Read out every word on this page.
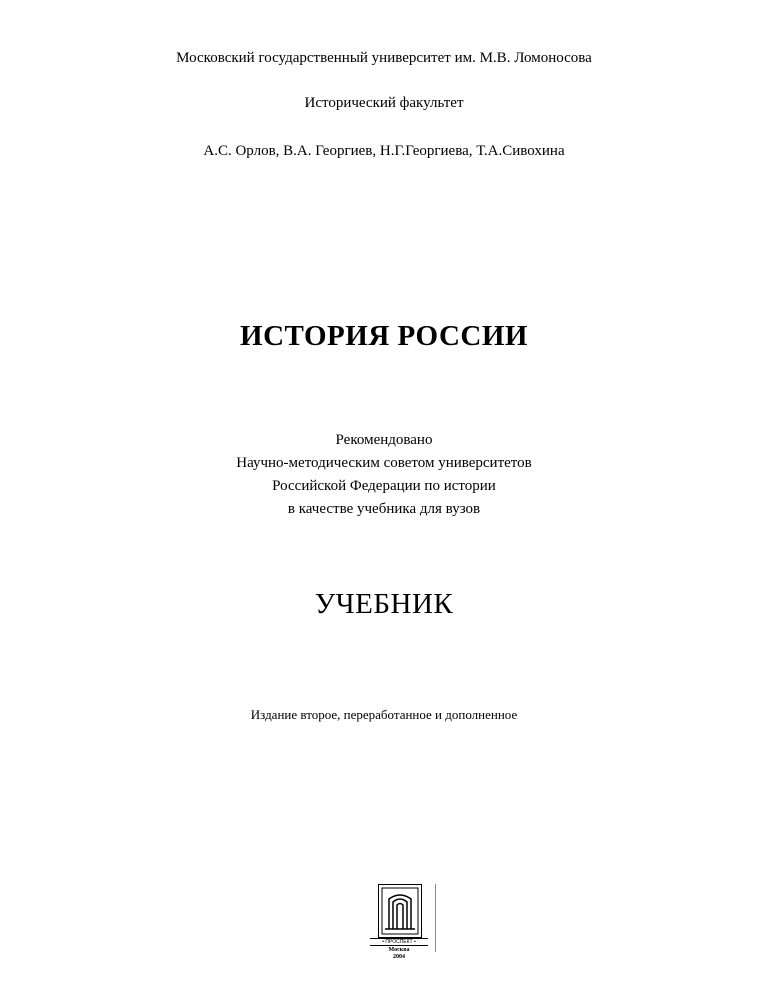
Московский государственный университет им. М.В. Ломоносова
Исторический факультет
А.С. Орлов, В.А. Георгиев, Н.Г.Георгиева, Т.А.Сивохина
ИСТОРИЯ РОССИИ
Рекомендовано
Научно-методическим советом университетов
Российской Федерации по истории
в качестве учебника для вузов
УЧЕБНИК
Издание второе, переработанное и дополненное
• ПРОСПЕКТ •
Москва
2004
